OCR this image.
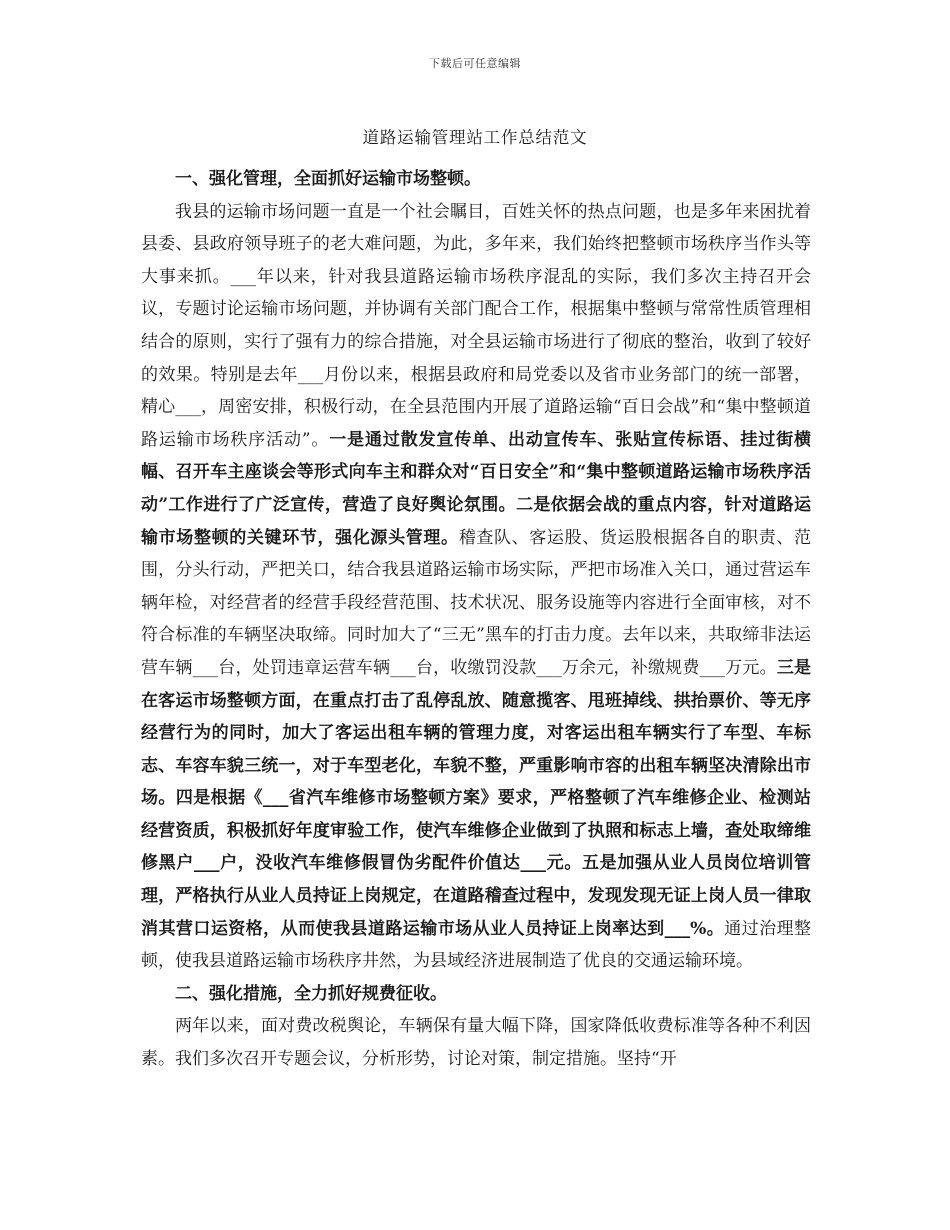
下载后可任意编辑
道路运输管理站工作总结范文

一、强化管理，全面抓好运输市场整顿。

我县的运输市场问题一直是一个社会瞩目，百姓关怀的热点问题，也是多年来困扰着县委、县政府领导班子的老大难问题，为此，多年来，我们始终把整顿市场秩序当作头等大事来抓。___年以来，针对我县道路运输市场秩序混乱的实际，我们多次主持召开会议，专题讨论运输市场问题，并协调有关部门配合工作，根据集中整顿与常常性质管理相结合的原则，实行了强有力的综合措施，对全县运输市场进行了彻底的整治，收到了较好的效果。特别是去年___月份以来，根据县政府和局党委以及省市业务部门的统一部署，精心___，周密安排，积极行动，在全县范围内开展了道路运输“百日会战”和“集中整顿道路运输市场秩序活动”。一是通过散发宣传单、出动宣传车、张贴宣传标语、挂过街横幅、召开车主座谈会等形式向车主和群众对“百日安全”和“集中整顿道路运输市场秩序活动”工作进行了广泛宣传，营造了良好舆论氛围。二是依据会战的重点内容，针对道路运输市场整顿的关键环节，强化源头管理。稽查队、客运股、货运股根据各自的职责、范围，分头行动，严把关口，结合我县道路运输市场实际，严把市场准入关口，通过营运车辆年检，对经营者的经营手段经营范围、技术状况、服务设施等内容进行全面审核，对不符合标准的车辆坚决取缔。同时加大了“三无”黑车的打击力度。去年以来，共取缔非法运营车辆___台，处罚违章运营车辆___台，收缴罚没款___万余元，补缴规费___万元。三是在客运市场整顿方面，在重点打击了乱停乱放、随意揽客、甩班掉线、拱抬票价、等无序经营行为的同时，加大了客运出租车辆的管理力度，对客运出租车辆实行了车型、车标志、车容车貌三统一，对于车型老化，车貌不整，严重影响市容的出租车辆坚决清除出市场。四是根据《___省汽车维修市场整顿方案》要求，严格整顿了汽车维修企业、检测站经营资质，积极抓好年度审验工作，使汽车维修企业做到了执照和标志上墙，查处取缔维修黑户___户，没收汽车维修假冒伪劣配件价值达___元。五是加强从业人员岗位培训管理，严格执行从业人员持证上岗规定，在道路稽查过程中，发现发现无证上岗人员一律取消其营口运资格，从而使我县道路运输市场从业人员持证上岗率达到___%。通过治理整顿，使我县道路运输市场秩序井然，为县域经济进展制造了优良的交通运输环境。

二、强化措施，全力抓好规费征收。

两年以来，面对费改税舆论，车辆保有量大幅下降，国家降低收费标准等各种不利因素。我们多次召开专题会议，分析形势，讨论对策，制定措施。坚持“开
